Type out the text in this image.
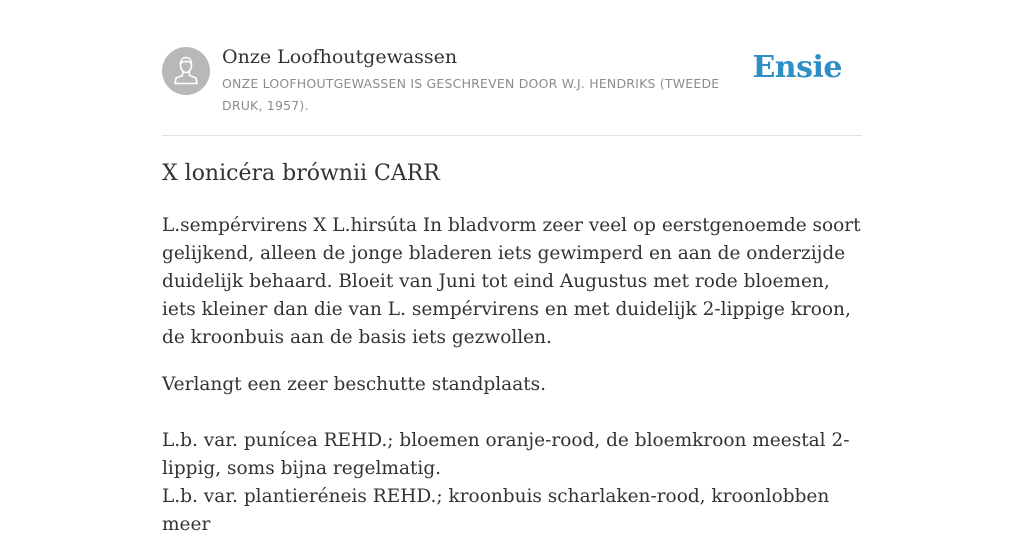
Onze Loofhoutgewassen
ONZE LOOFHOUTGEWASSEN IS GESCHREVEN DOOR W.J. HENDRIKS (TWEEDE DRUK, 1957).
Ensie
X lonicéra brównii CARR

L.sempérvirens X L.hirsúta In bladvorm zeer veel op eerstgenoemde soort gelijkend, alleen de jonge bladeren iets gewimperd en aan de onderzijde duidelijk behaard. Bloeit van Juni tot eind Augustus met rode bloemen, iets kleiner dan die van L. sempérvirens en met duidelijk 2-lippige kroon, de kroonbuis aan de basis iets gezwollen.

Verlangt een zeer beschutte standplaats.

L.b. var. punícea REHD.; bloemen oranje-rood, de bloemkroon meestal 2-lippig, soms bijna regelmatig.

L.b. var. plantieréneis REHD.; kroonbuis scharlaken-rood, kroonlobben meer
